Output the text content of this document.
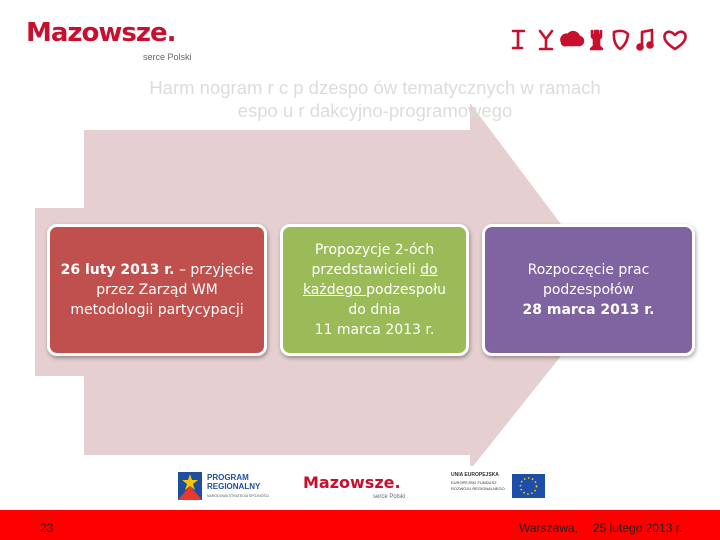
Mazowsze.
serce Polski
Harm nogram r c p dzespo ów tematycznych w ramach
espo u r dakcyjno-programowego
26 luty 2013 r. – przyjęcie
przez Zarząd WM
metodologii partycypacji
Propozycje 2-óch
przedstawicieli do
każdego podzespołu
do dnia
11 marca 2013 r.
Rozpoczęcie prac
podzespołów
28 marca 2013 r.
PROGRAM
REGIONALNY
NARODOWA STRATEGIA SPÓJNOŚCI
Mazowsze.
serce Polski
UNIA EUROPEJSKA
EUROPEJSKI FUNDUSZ
ROZWOJU REGIONALNEGO
23	Warszawa, 25 lutego 2013 r.
